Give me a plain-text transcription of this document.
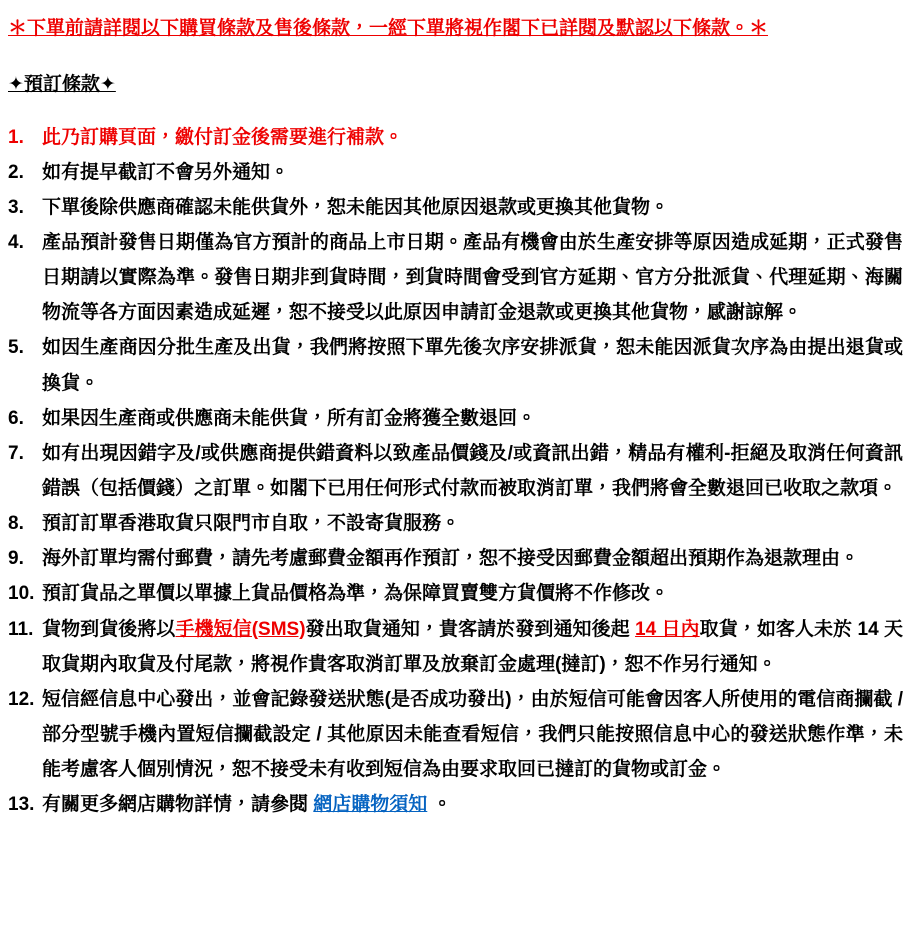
＊下單前請詳閱以下購買條款及售後條款，一經下單將視作閣下已詳閱及默認以下條款。＊
✦預訂條款✦
1. 此乃訂購頁面，繳付訂金後需要進行補款。
2. 如有提早截訂不會另外通知。
3. 下單後除供應商確認未能供貨外，恕未能因其他原因退款或更換其他貨物。
4. 產品預計發售日期僅為官方預計的商品上市日期。產品有機會由於生產安排等原因造成延期，正式發售日期請以實際為準。發售日期非到貨時間，到貨時間會受到官方延期、官方分批派貨、代理延期、海關物流等各方面因素造成延遲，恕不接受以此原因申請訂金退款或更換其他貨物，感謝諒解。
5. 如因生產商因分批生產及出貨，我們將按照下單先後次序安排派貨，恕未能因派貨次序為由提出退貨或換貨。
6. 如果因生產商或供應商未能供貨，所有訂金將獲全數退回。
7. 如有出現因錯字及/或供應商提供錯資料以致產品價錢及/或資訊出錯，精品有權利-拒絕及取消任何資訊錯誤（包括價錢）之訂單。如閣下已用任何形式付款而被取消訂單，我們將會全數退回已收取之款項。
8. 預訂訂單香港取貨只限門市自取，不設寄貨服務。
9. 海外訂單均需付郵費，請先考慮郵費金額再作預訂，恕不接受因郵費金額超出預期作為退款理由。
10. 預訂貨品之單價以單據上貨品價格為準，為保障買賣雙方貨價將不作修改。
11. 貨物到貨後將以手機短信(SMS)發出取貨通知，貴客請於發到通知後起 14 日內取貨，如客人未於 14 天取貨期內取貨及付尾款，將視作貴客取消訂單及放棄訂金處理(撻訂)，恕不作另行通知。
12. 短信經信息中心發出，並會記錄發送狀態(是否成功發出)，由於短信可能會因客人所使用的電信商攔截 / 部分型號手機內置短信攔截設定 / 其他原因未能查看短信，我們只能按照信息中心的發送狀態作準，未能考慮客人個別情況，恕不接受未有收到短信為由要求取回已撻訂的貨物或訂金。
13. 有關更多網店購物詳情，請參閱 網店購物須知 。
